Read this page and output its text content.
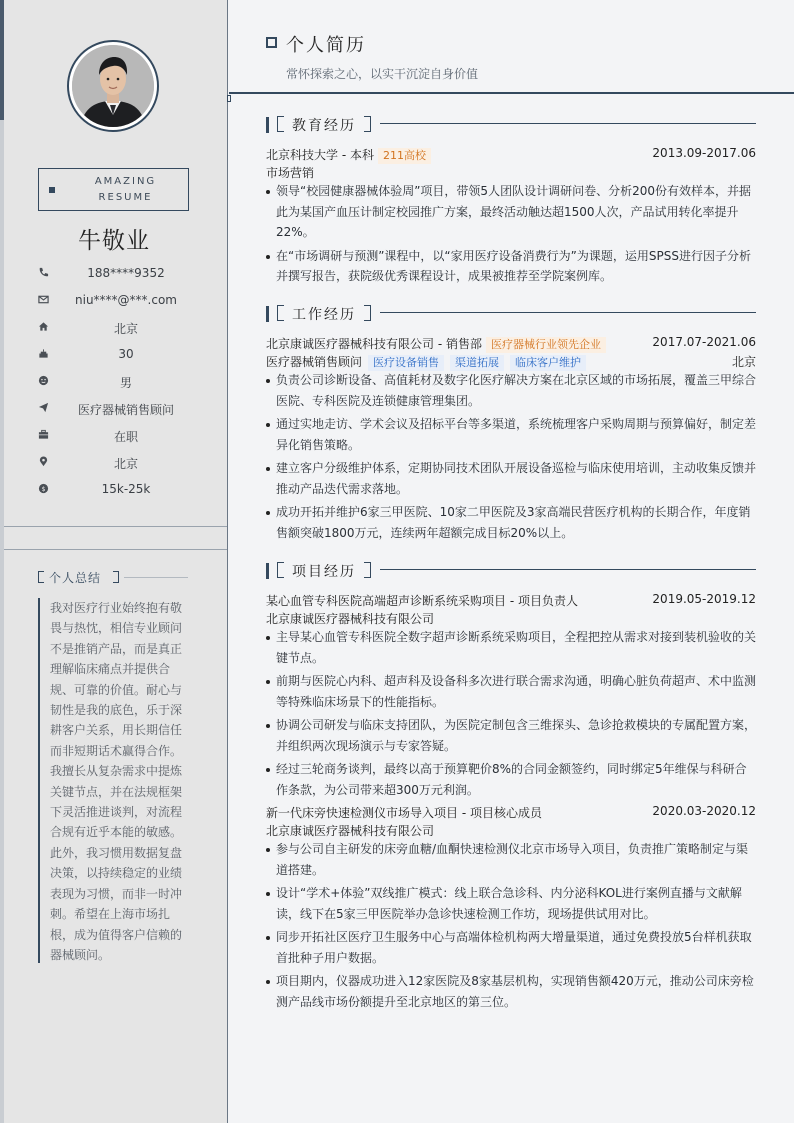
AMAZING
RESUME
牛敬业
188****9352
niu****@***.com
北京
30
男
医疗器械销售顾问
在职
北京
$	15k-25k
个人总结
我对医疗行业始终抱有敬畏与热忱，相信专业顾问不是推销产品，而是真正理解临床痛点并提供合规、可靠的价值。耐心与韧性是我的底色，乐于深耕客户关系，用长期信任而非短期话术赢得合作。我擅长从复杂需求中提炼关键节点，并在法规框架下灵活推进谈判，对流程合规有近乎本能的敏感。此外，我习惯用数据复盘决策，以持续稳定的业绩表现为习惯，而非一时冲刺。希望在上海市场扎根，成为值得客户信赖的器械顾问。
个人简历
常怀探索之心，以实干沉淀自身价值
教育经历
北京科技大学 - 本科 211高校	2013.09-2017.06
市场营销
领导“校园健康器械体验周”项目，带领5人团队设计调研问卷、分析200份有效样本，并据此为某国产血压计制定校园推广方案，最终活动触达超1500人次，产品试用转化率提升22%。
在“市场调研与预测”课程中，以“家用医疗设备消费行为”为课题，运用SPSS进行因子分析并撰写报告，获院级优秀课程设计，成果被推荐至学院案例库。
工作经历
北京康诚医疗器械科技有限公司 - 销售部 医疗器械行业领先企业	2017.07-2021.06
医疗器械销售顾问 医疗设备销售 渠道拓展 临床客户维护	北京
负责公司诊断设备、高值耗材及数字化医疗解决方案在北京区域的市场拓展，覆盖三甲综合医院、专科医院及连锁健康管理集团。
通过实地走访、学术会议及招标平台等多渠道，系统梳理客户采购周期与预算偏好，制定差异化销售策略。
建立客户分级维护体系，定期协同技术团队开展设备巡检与临床使用培训，主动收集反馈并推动产品迭代需求落地。
成功开拓并维护6家三甲医院、10家二甲医院及3家高端民营医疗机构的长期合作，年度销售额突破1800万元，连续两年超额完成目标20%以上。
项目经历
某心血管专科医院高端超声诊断系统采购项目 - 项目负责人	2019.05-2019.12
北京康诚医疗器械科技有限公司
主导某心血管专科医院全数字超声诊断系统采购项目，全程把控从需求对接到装机验收的关键节点。
前期与医院心内科、超声科及设备科多次进行联合需求沟通，明确心脏负荷超声、术中监测等特殊临床场景下的性能指标。
协调公司研发与临床支持团队，为医院定制包含三维探头、急诊抢救模块的专属配置方案，并组织两次现场演示与专家答疑。
经过三轮商务谈判，最终以高于预算靶价8%的合同金额签约，同时绑定5年维保与科研合作条款，为公司带来超300万元利润。
新一代床旁快速检测仪市场导入项目 - 项目核心成员	2020.03-2020.12
北京康诚医疗器械科技有限公司
参与公司自主研发的床旁血糖/血酮快速检测仪北京市场导入项目，负责推广策略制定与渠道搭建。
设计“学术+体验”双线推广模式：线上联合急诊科、内分泌科KOL进行案例直播与文献解读，线下在5家三甲医院举办急诊快速检测工作坊，现场提供试用对比。
同步开拓社区医疗卫生服务中心与高端体检机构两大增量渠道，通过免费投放5台样机获取首批种子用户数据。
项目期内，仪器成功进入12家医院及8家基层机构，实现销售额420万元，推动公司床旁检测产品线市场份额提升至北京地区的第三位。
